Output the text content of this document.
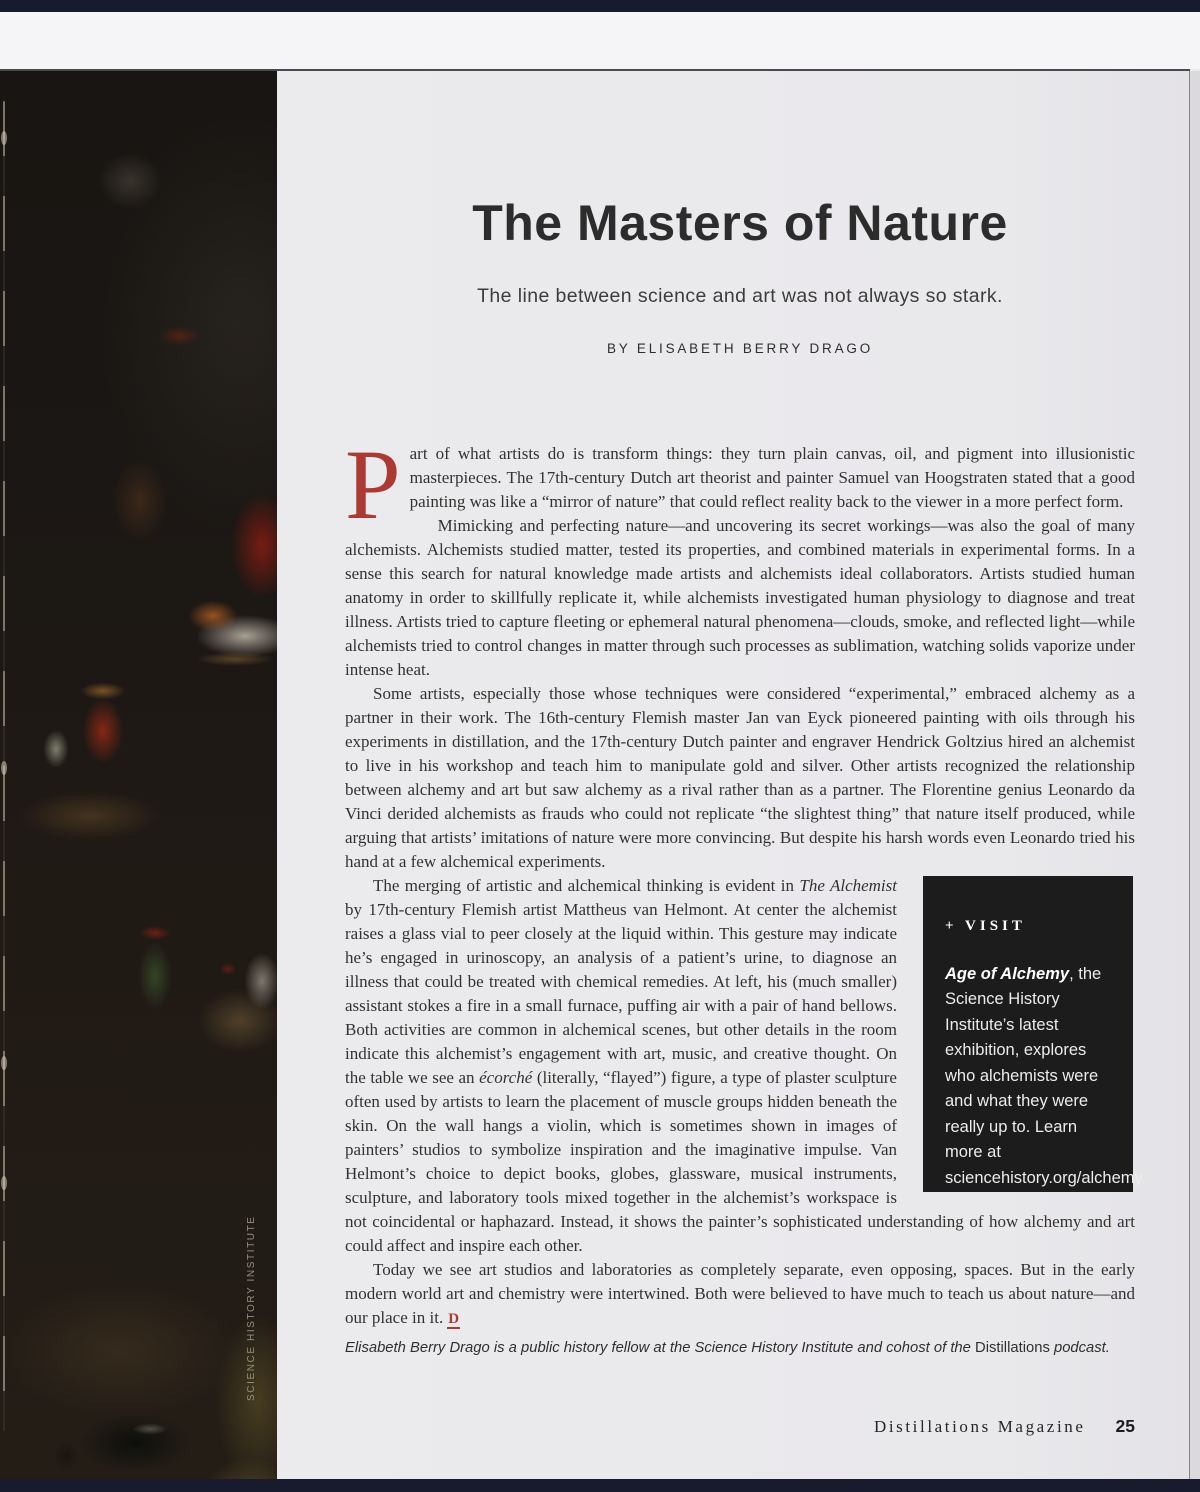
SCIENCE HISTORY INSTITUTE
The Masters of Nature
The line between science and art was not always so stark.
BY ELISABETH BERRY DRAGO

Part of what artists do is transform things: they turn plain canvas, oil, and pigment into illusionistic masterpieces. The 17th-century Dutch art theorist and painter Samuel van Hoogstraten stated that a good painting was like a “mirror of nature” that could reflect reality back to the viewer in a more perfect form.

Mimicking and perfecting nature—and uncovering its secret workings—was also the goal of many alchemists. Alchemists studied matter, tested its properties, and combined materials in experimental forms. In a sense this search for natural knowledge made artists and alchemists ideal collaborators. Artists studied human anatomy in order to skillfully replicate it, while alchemists investigated human physiology to diagnose and treat illness. Artists tried to capture fleeting or ephemeral natural phenomena—clouds, smoke, and reflected light—while alchemists tried to control changes in matter through such processes as sublimation, watching solids vaporize under intense heat.

Some artists, especially those whose techniques were considered “experimental,” embraced alchemy as a partner in their work. The 16th-century Flemish master Jan van Eyck pioneered painting with oils through his experiments in distillation, and the 17th-century Dutch painter and engraver Hendrick Goltzius hired an alchemist to live in his workshop and teach him to manipulate gold and silver. Other artists recognized the relationship between alchemy and art but saw alchemy as a rival rather than as a partner. The Florentine genius Leonardo da Vinci derided alchemists as frauds who could not replicate “the slightest thing” that nature itself produced, while arguing that artists’ imitations of nature were more convincing. But despite his harsh words even Leonardo tried his hand at a few alchemical experiments.

+ VISIT
Age of Alchemy, the Science History Institute’s latest exhibition, explores who alchemists were and what they were really up to. Learn more at sciencehistory.org/alchemy.

The merging of artistic and alchemical thinking is evident in The Alchemist by 17th-century Flemish artist Mattheus van Helmont. At center the alchemist raises a glass vial to peer closely at the liquid within. This gesture may indicate he’s engaged in urinoscopy, an analysis of a patient’s urine, to diagnose an illness that could be treated with chemical remedies. At left, his (much smaller) assistant stokes a fire in a small furnace, puffing air with a pair of hand bellows. Both activities are common in alchemical scenes, but other details in the room indicate this alchemist’s engagement with art, music, and creative thought. On the table we see an écorché (literally, “flayed”) figure, a type of plaster sculpture often used by artists to learn the placement of muscle groups hidden beneath the skin. On the wall hangs a violin, which is sometimes shown in images of painters’ studios to symbolize inspiration and the imaginative impulse. Van Helmont’s choice to depict books, globes, glassware, musical instruments, sculpture, and laboratory tools mixed together in the alchemist’s workspace is not coincidental or haphazard. Instead, it shows the painter’s sophisticated understanding of how alchemy and art could affect and inspire each other.

Today we see art studios and laboratories as completely separate, even opposing, spaces. But in the early modern world art and chemistry were intertwined. Both were believed to have much to teach us about nature—and our place in it. D

Elisabeth Berry Drago is a public history fellow at the Science History Institute and cohost of the Distillations podcast.
Distillations Magazine 25
